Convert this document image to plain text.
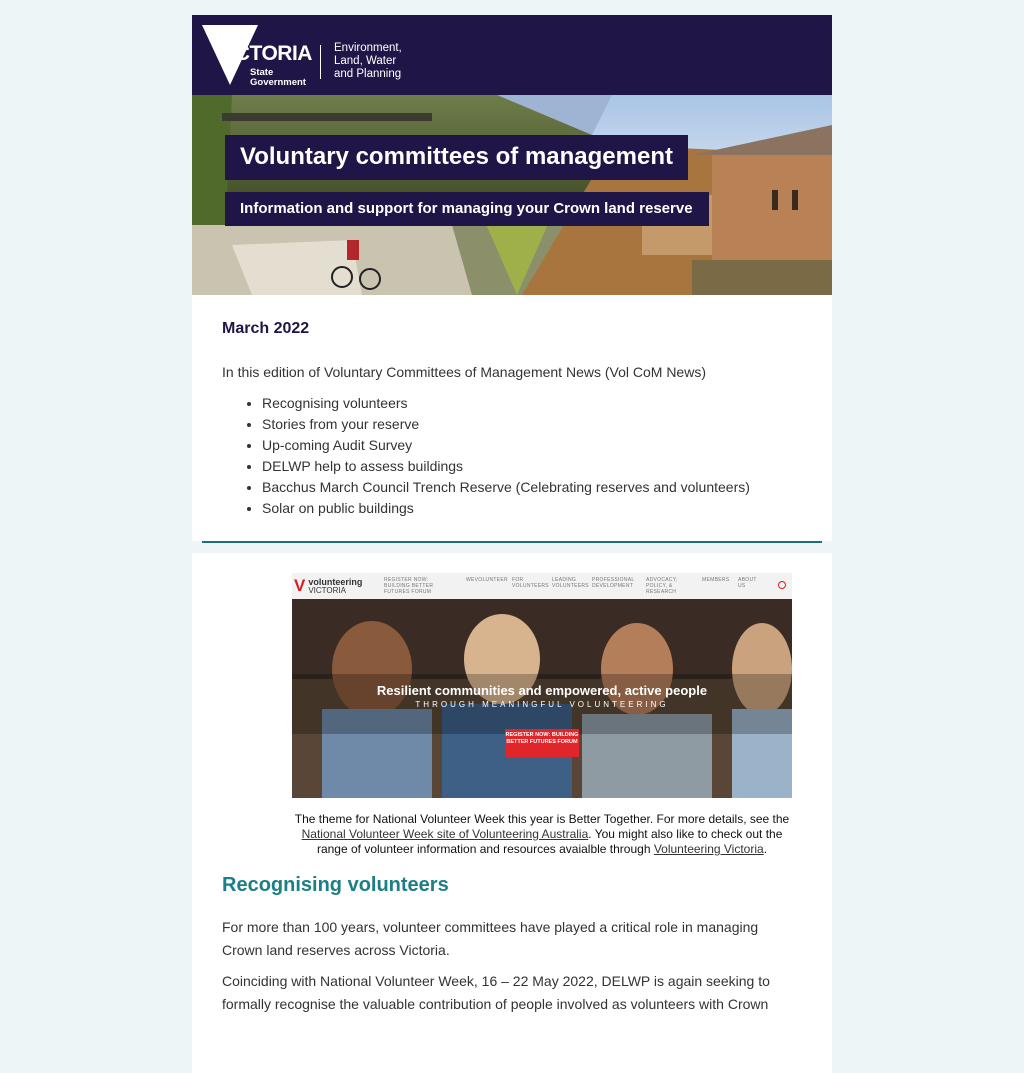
VICTORIA
State
Government
Environment,
Land, Water
and Planning
Voluntary committees of management
Information and support for managing your Crown land reserve
March 2022
In this edition of Voluntary Committees of Management News (Vol CoM News)
• Recognising volunteers
• Stories from your reserve
• Up-coming Audit Survey
• DELWP help to assess buildings
• Bacchus March Council Trench Reserve (Celebrating reserves and volunteers)
• Solar on public buildings
V volunteering
VICTORIA
REGISTER NOW: BUILDING BETTER FUTURES FORUM
WEVOLUNTEER FOR VOLUNTEERS
LEADING VOLUNTEERS
PROFESSIONAL DEVELOPMENT
ADVOCACY, POLICY, & RESEARCH
MEMBERS ABOUT US
Resilient communities and empowered, active people
THROUGH MEANINGFUL VOLUNTEERING
REGISTER NOW: BUILDING BETTER FUTURES FORUM
The theme for National Volunteer Week this year is Better Together. For more details, see the National Volunteer Week site of Volunteering Australia. You might also like to check out the range of volunteer information and resources avaialble through Volunteering Victoria.
Recognising volunteers

For more than 100 years, volunteer committees have played a critical role in managing Crown land reserves across Victoria.

Coinciding with National Volunteer Week, 16 – 22 May 2022, DELWP is again seeking to formally recognise the valuable contribution of people involved as volunteers with Crown
